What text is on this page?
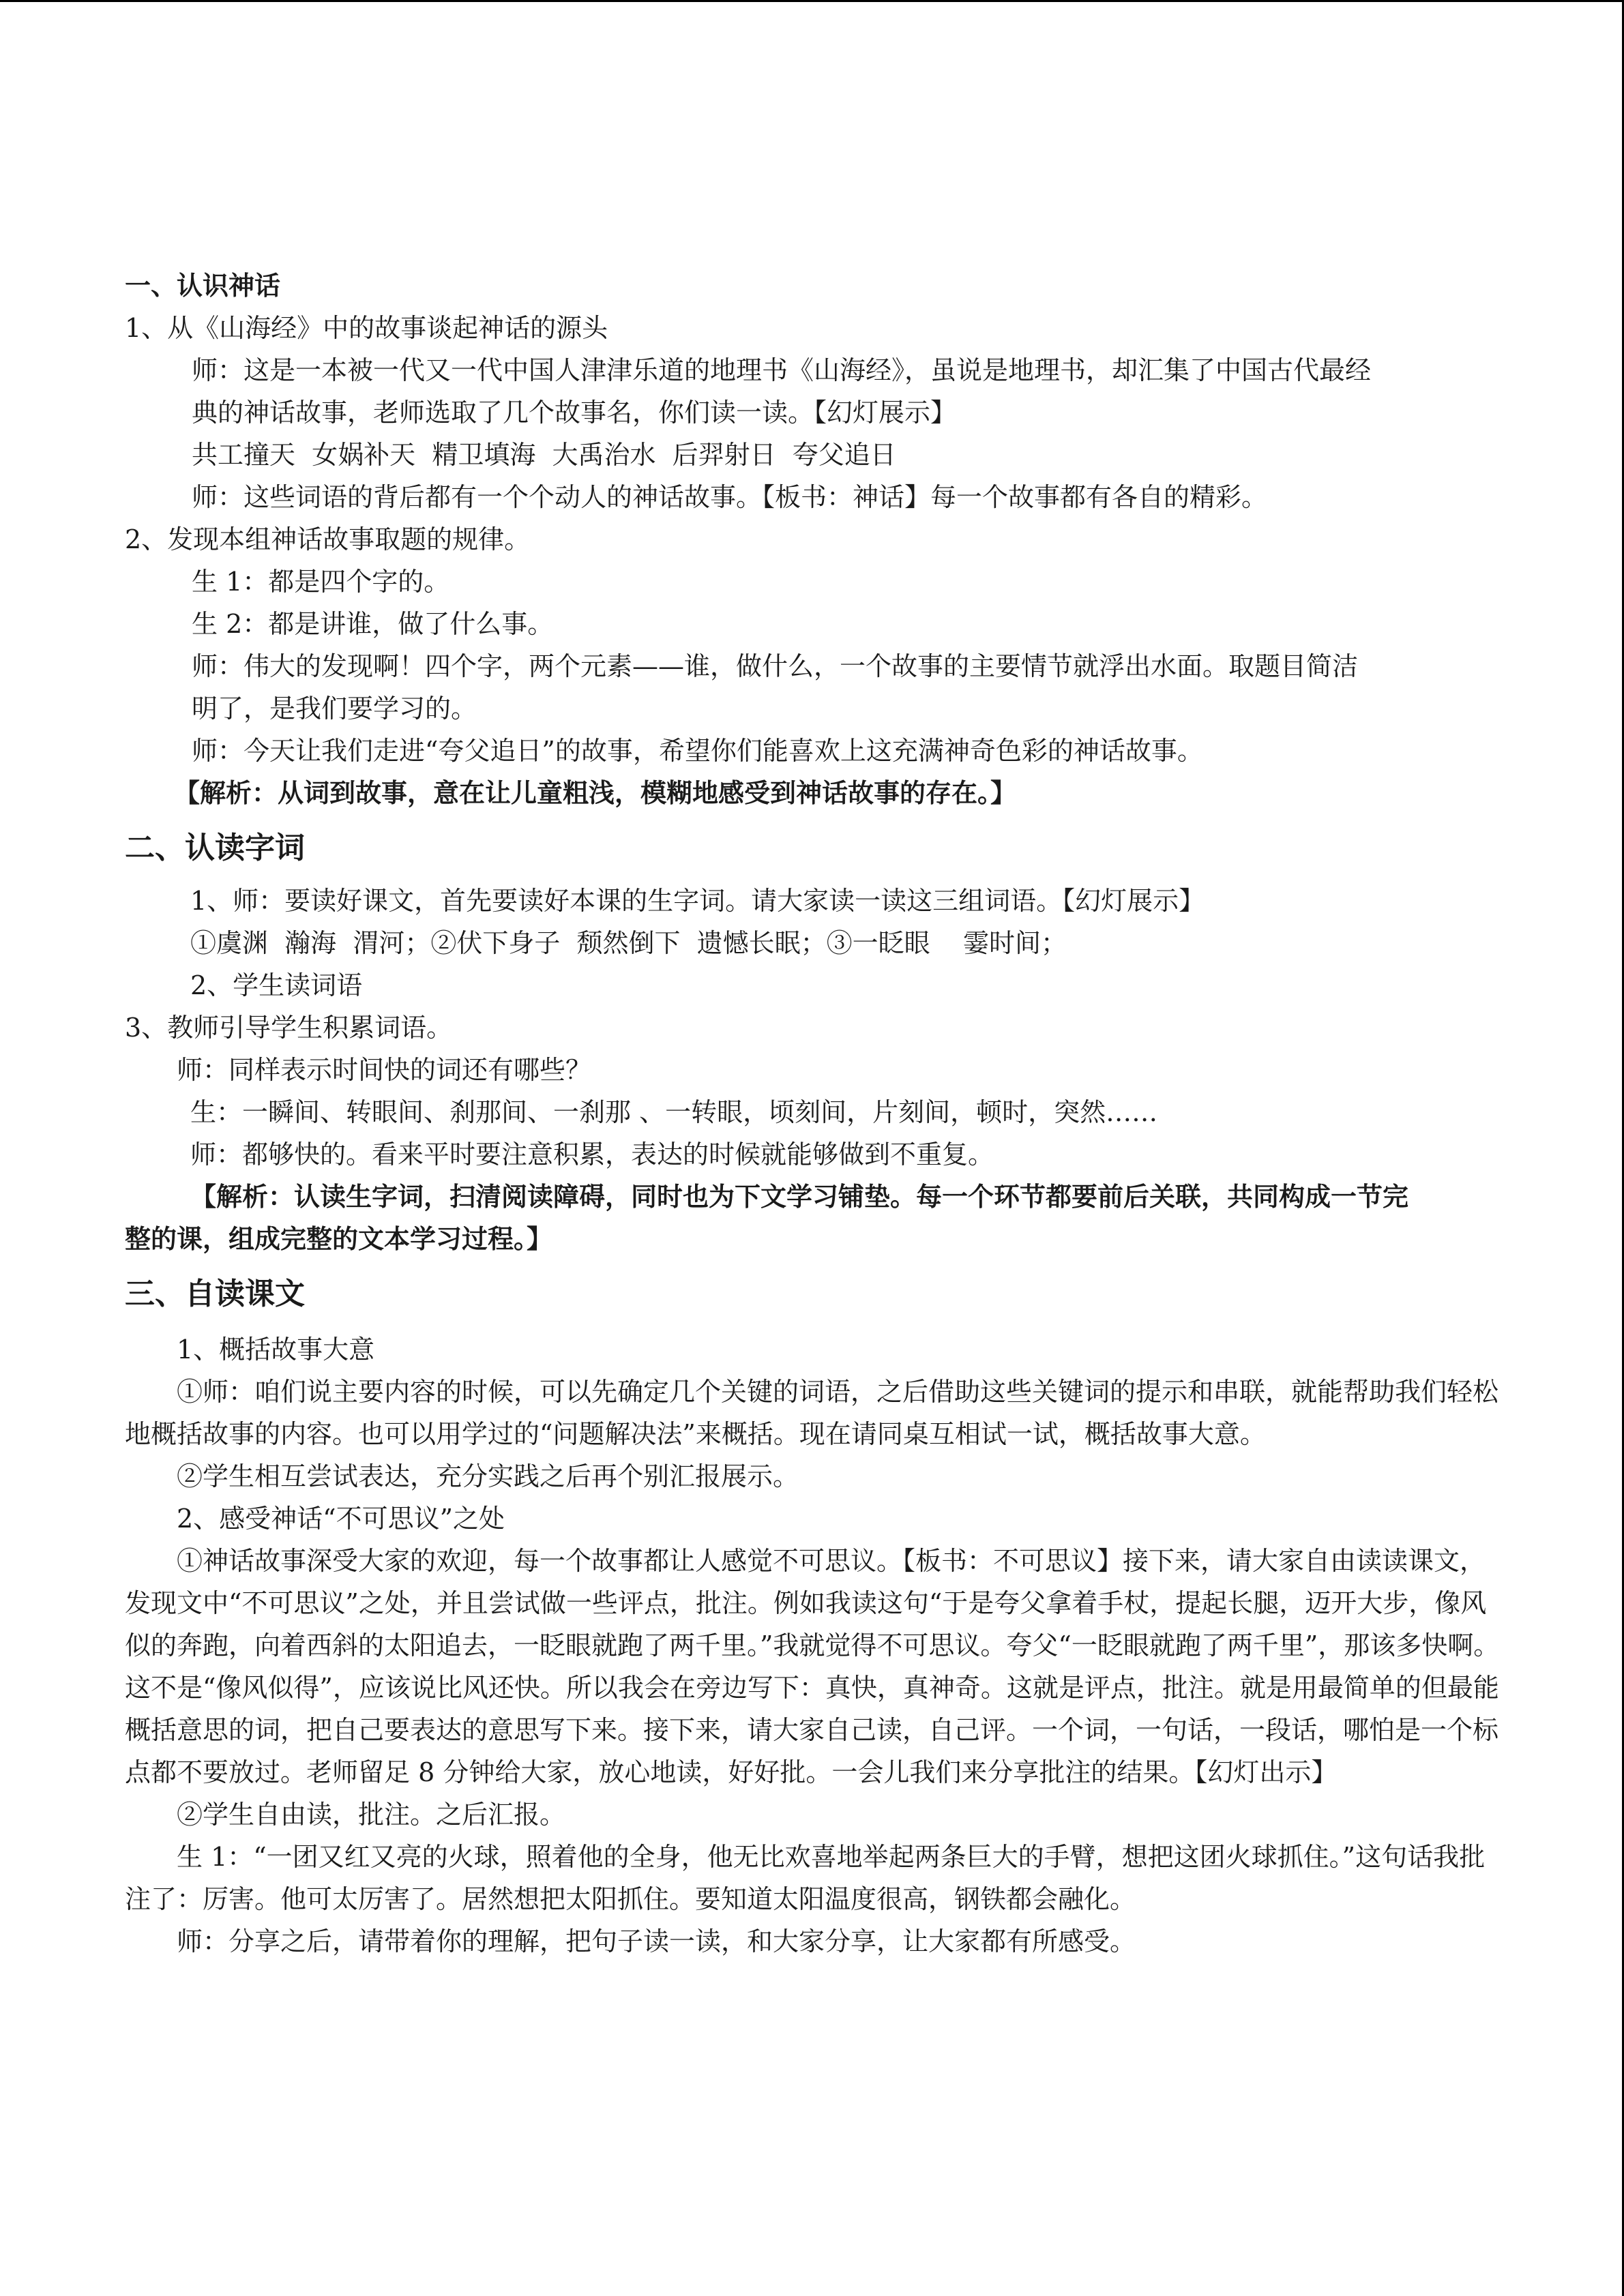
一、认识神话
1、从《山海经》中的故事谈起神话的源头
师：这是一本被一代又一代中国人津津乐道的地理书《山海经》，虽说是地理书，却汇集了中国古代最经
典的神话故事，老师选取了几个故事名，你们读一读。【幻灯展示】
共工撞天  女娲补天  精卫填海  大禹治水  后羿射日  夸父追日
师：这些词语的背后都有一个个动人的神话故事。【板书：神话】每一个故事都有各自的精彩。
2、发现本组神话故事取题的规律。
生 1：都是四个字的。
生 2：都是讲谁，做了什么事。
师：伟大的发现啊！四个字，两个元素——谁，做什么，一个故事的主要情节就浮出水面。取题目简洁
明了，是我们要学习的。
师：今天让我们走进“夸父追日”的故事，希望你们能喜欢上这充满神奇色彩的神话故事。
【解析：从词到故事，意在让儿童粗浅，模糊地感受到神话故事的存在。】
二、认读字词
1、师：要读好课文，首先要读好本课的生字词。请大家读一读这三组词语。【幻灯展示】
①虞渊  瀚海  渭河；②伏下身子  颓然倒下  遗憾长眠；③一眨眼    霎时间；
2、学生读词语
3、教师引导学生积累词语。
师：同样表示时间快的词还有哪些？
生：一瞬间、转眼间、刹那间、一刹那 、一转眼，顷刻间，片刻间，顿时，突然……
师：都够快的。看来平时要注意积累，表达的时候就能够做到不重复。
【解析：认读生字词，扫清阅读障碍，同时也为下文学习铺垫。每一个环节都要前后关联，共同构成一节完
整的课，组成完整的文本学习过程。】
三、自读课文
1、概括故事大意
①师：咱们说主要内容的时候，可以先确定几个关键的词语，之后借助这些关键词的提示和串联，就能帮助我们轻松地概括故事的内容。也可以用学过的“问题解决法”来概括。现在请同桌互相试一试，概括故事大意。
②学生相互尝试表达，充分实践之后再个别汇报展示。
2、感受神话“不可思议”之处
①神话故事深受大家的欢迎，每一个故事都让人感觉不可思议。【板书：不可思议】接下来，请大家自由读读课文，发现文中“不可思议”之处，并且尝试做一些评点，批注。例如我读这句“于是夸父拿着手杖，提起长腿，迈开大步，像风似的奔跑，向着西斜的太阳追去，一眨眼就跑了两千里。”我就觉得不可思议。夸父“一眨眼就跑了两千里”，那该多快啊。这不是“像风似得”，应该说比风还快。所以我会在旁边写下：真快，真神奇。这就是评点，批注。就是用最简单的但最能概括意思的词，把自己要表达的意思写下来。接下来，请大家自己读，自己评。一个词，一句话，一段话，哪怕是一个标点都不要放过。老师留足 8 分钟给大家，放心地读，好好批。一会儿我们来分享批注的结果。【幻灯出示】
②学生自由读，批注。之后汇报。
生 1：“一团又红又亮的火球，照着他的全身，他无比欢喜地举起两条巨大的手臂，想把这团火球抓住。”这句话我批注了：厉害。他可太厉害了。居然想把太阳抓住。要知道太阳温度很高，钢铁都会融化。
师：分享之后，请带着你的理解，把句子读一读，和大家分享，让大家都有所感受。
